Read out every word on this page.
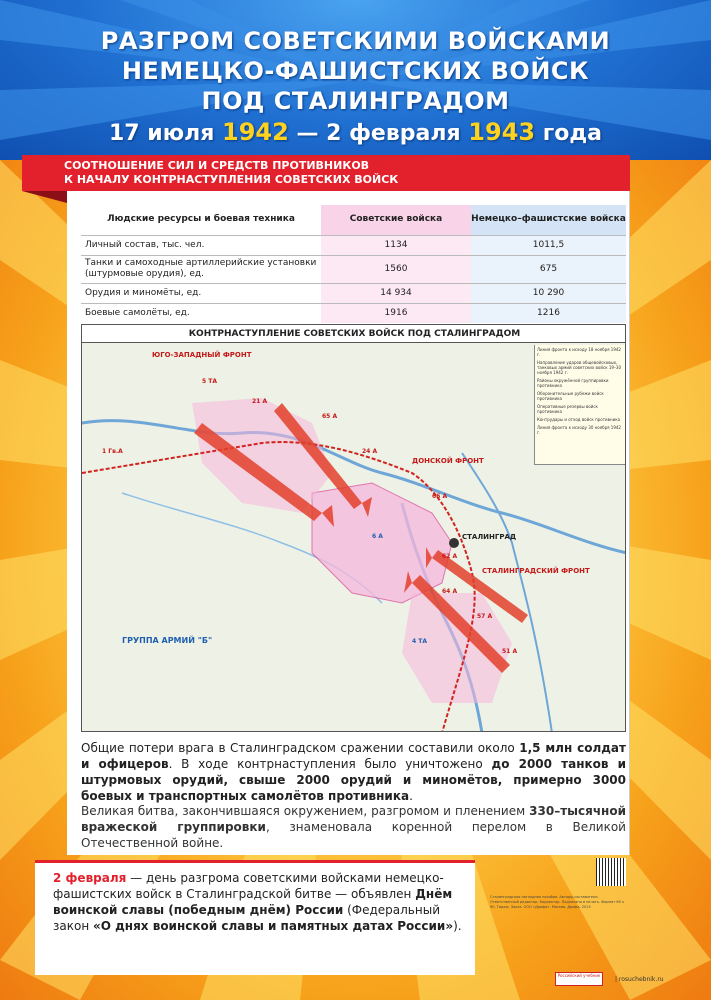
РАЗГРОМ СОВЕТСКИМИ ВОЙСКАМИ
НЕМЕЦКО-ФАШИСТСКИХ ВОЙСК
ПОД СТАЛИНГРАДОМ
17 июля 1942 — 2 февраля 1943 года
СООТНОШЕНИЕ СИЛ И СРЕДСТВ ПРОТИВНИКОВ
К НАЧАЛУ КОНТРНАСТУПЛЕНИЯ СОВЕТСКИХ ВОЙСК
Людские ресурсы и боевая техника	Советские войска	Немецко–фашистские войска
Личный состав, тыс. чел.	1134	1011,5
Танки и самоходные артиллерийские установки (штурмовые орудия), ед.	1560	675
Орудия и миномёты, ед.	14 934	10 290
Боевые самолёты, ед.	1916	1216
КОНТРНАСТУПЛЕНИЕ СОВЕТСКИХ ВОЙСК ПОД СТАЛИНГРАДОМ
СТАЛИНГРАД
ЮГО-ЗАПАДНЫЙ ФРОНТ
ДОНСКОЙ ФРОНТ
СТАЛИНГРАДСКИЙ ФРОНТ
ГРУППА АРМИЙ "Б"
21 А
5 ТА
65 А
24 А
66 А
62 А
64 А
57 А
51 А
1 Гв.А
6 А
4 ТА
Линия фронта к исходу 18 ноября 1942 г.
Направление ударов общевойсковых, танковых армий советских войск 19–30 ноября 1942 г.
Районы окружённой группировки противника
Оборонительные рубежи войск противника
Оперативные резервы войск противника
Контрудары и отход войск противника
Линия фронта к исходу 30 ноября 1942 г.
Общие потери врага в Сталинградском сражении составили около 1,5 млн солдат и офицеров. В ходе контрнаступления было уничтожено до 2000 танков и штурмовых орудий, свыше 2000 орудий и миномётов, примерно 3000 боевых и транспортных самолётов противника.
Великая битва, закончившаяся окружением, разгромом и пленением 330–тысячной вражеской группировки, знаменовала коренной перелом в Великой Отечественной войне.
2 февраля — день разгрома советскими войсками немецко-фашистских войск в Сталинградской битве — объявлен Днём воинской славы (победным днём) России (Федеральный закон «О днях воинской славы и памятных датах России»).
Сталинградская наглядная пособия. Авторы-составители. Ответственный редактор. Корректор. Подписано в печать. Формат 60 х 90. Тираж. Заказ. ООО «Дрофа». Москва. Дрофа. 2015
Российский учебник
| rosuchebnik.ru
